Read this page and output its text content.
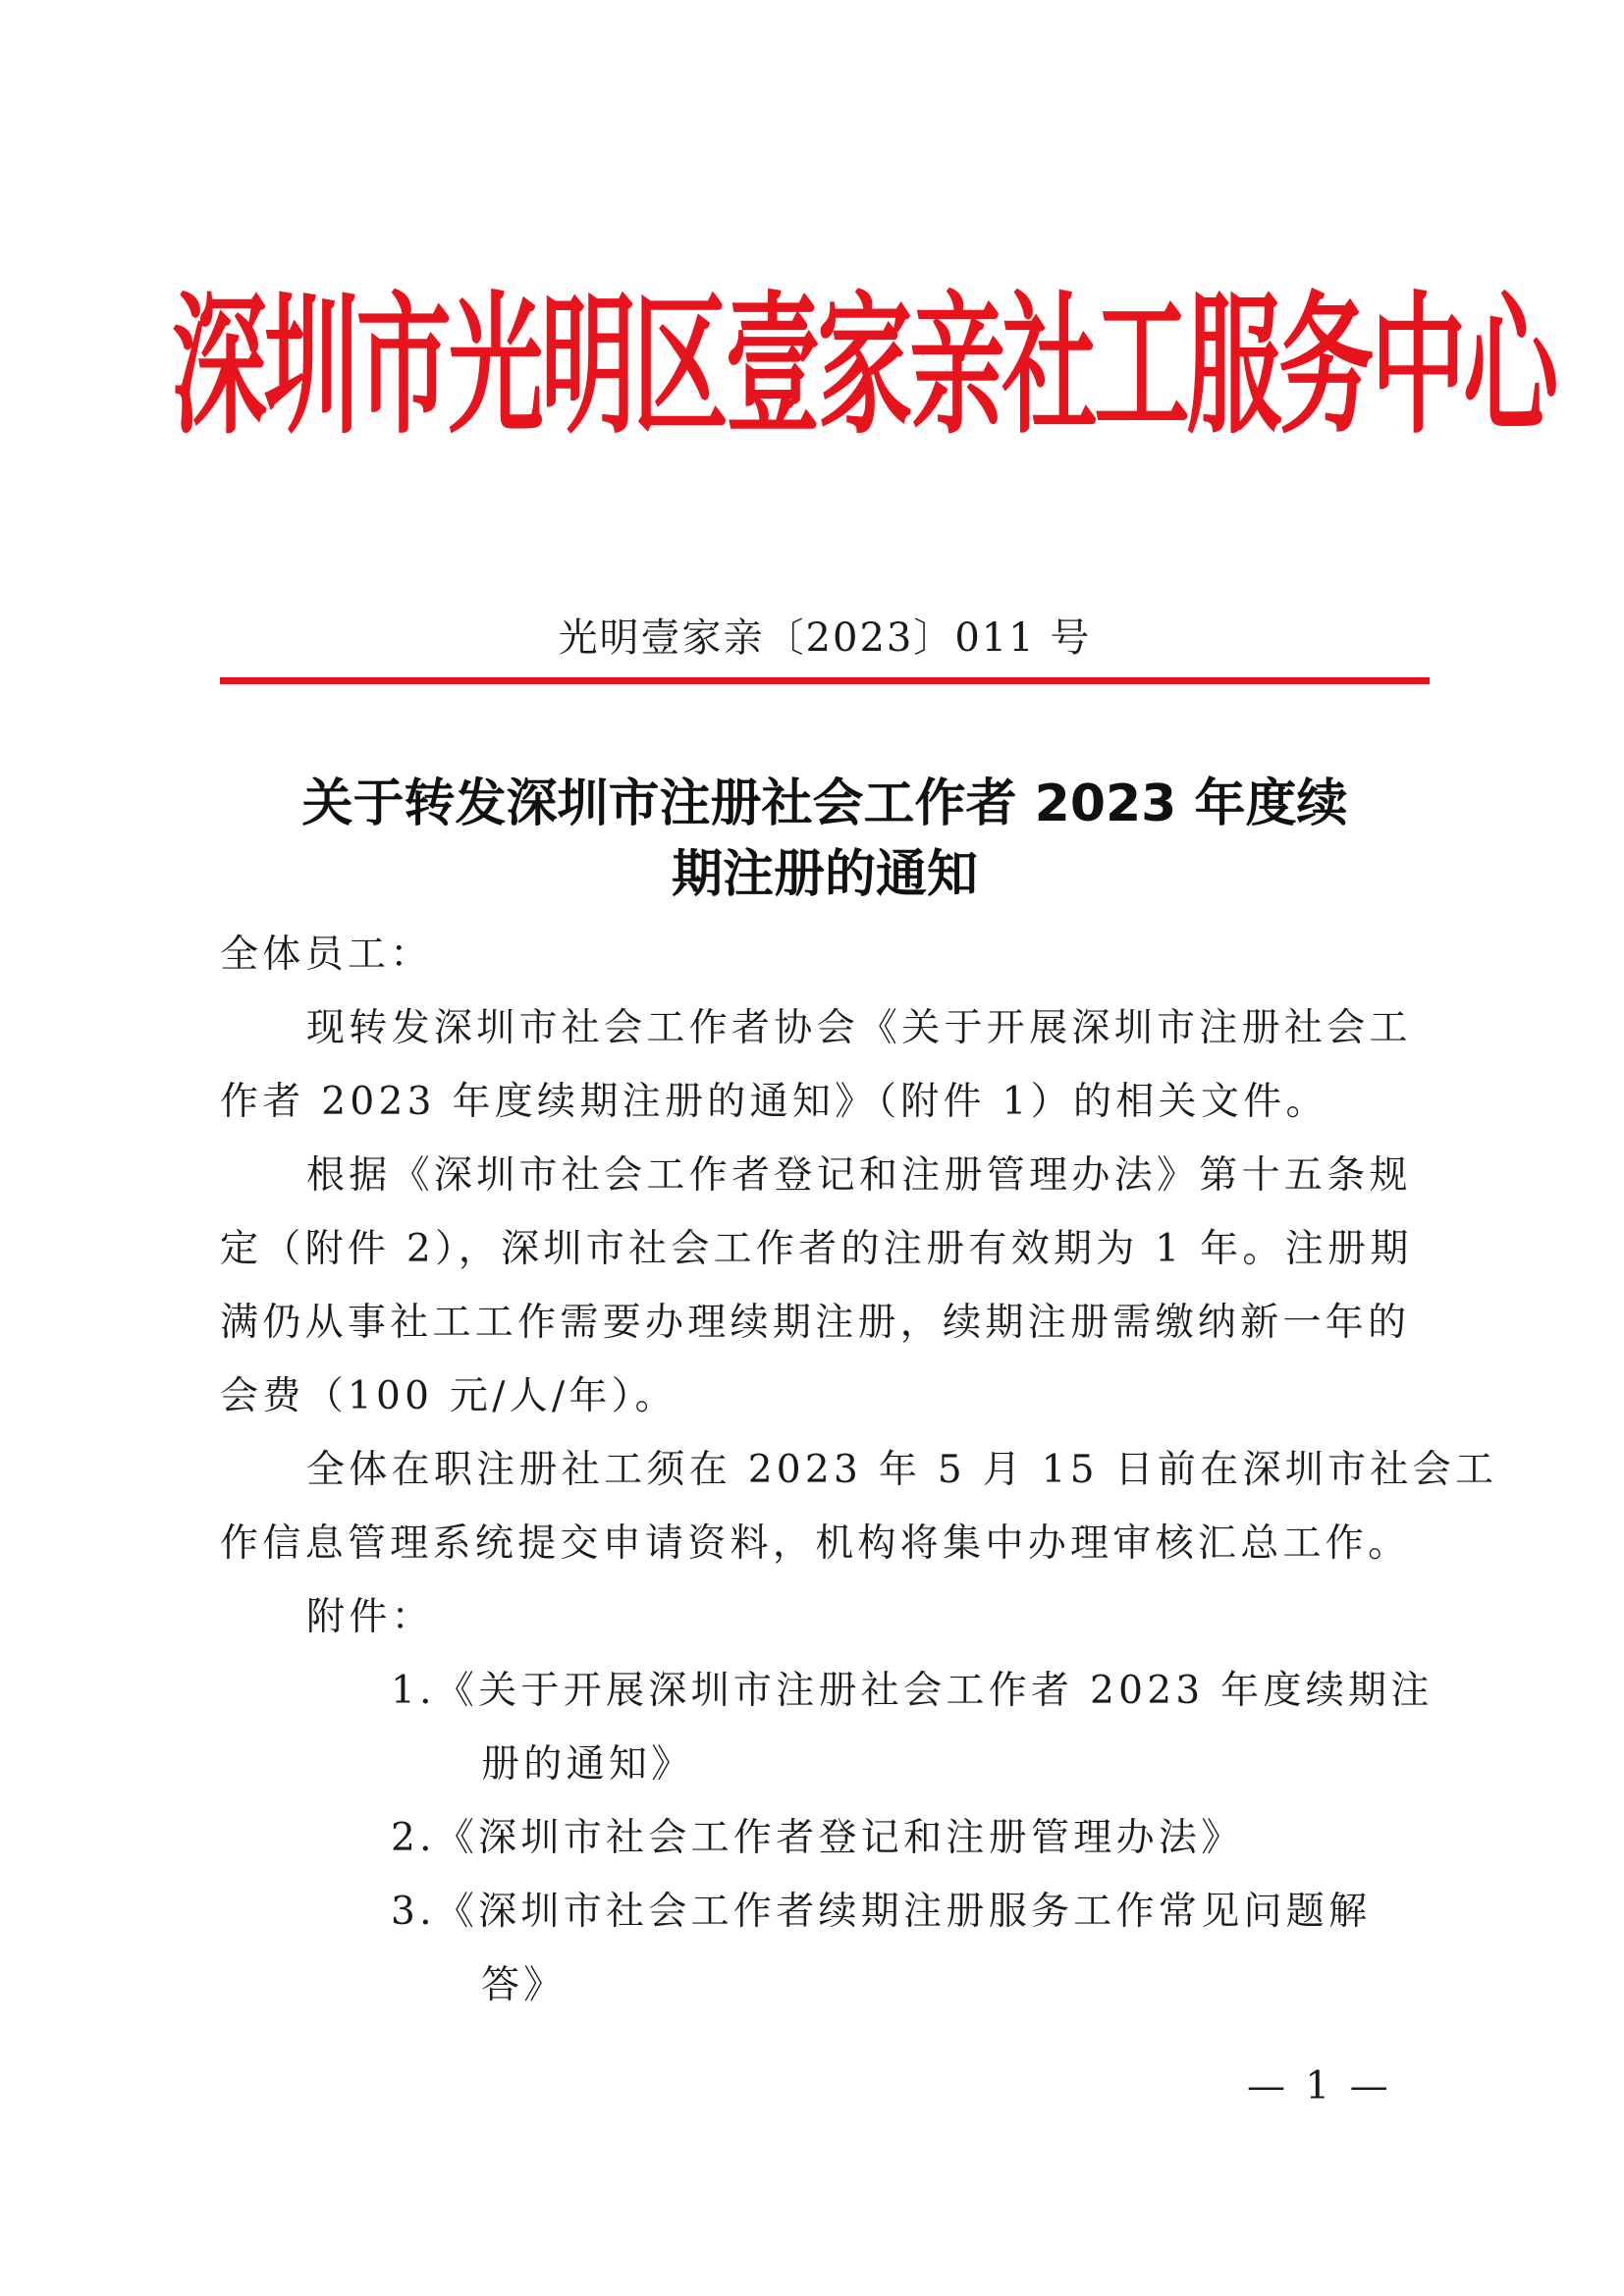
深圳市光明区壹家亲社工服务中心
光明壹家亲〔2023〕011 号
关于转发深圳市注册社会工作者 2023 年度续
期注册的通知
全体员工：
现转发深圳市社会工作者协会《关于开展深圳市注册社会工
作者 2023 年度续期注册的通知》（附件 1）的相关文件。
根据《深圳市社会工作者登记和注册管理办法》第十五条规
定（附件 2），深圳市社会工作者的注册有效期为 1 年。注册期
满仍从事社工工作需要办理续期注册，续期注册需缴纳新一年的
会费（100 元/人/年）。
全体在职注册社工须在 2023 年 5 月 15 日前在深圳市社会工
作信息管理系统提交申请资料，机构将集中办理审核汇总工作。
附件：
1.《关于开展深圳市注册社会工作者 2023 年度续期注
册的通知》
2.《深圳市社会工作者登记和注册管理办法》
3.《深圳市社会工作者续期注册服务工作常见问题解
答》
— 1 —
